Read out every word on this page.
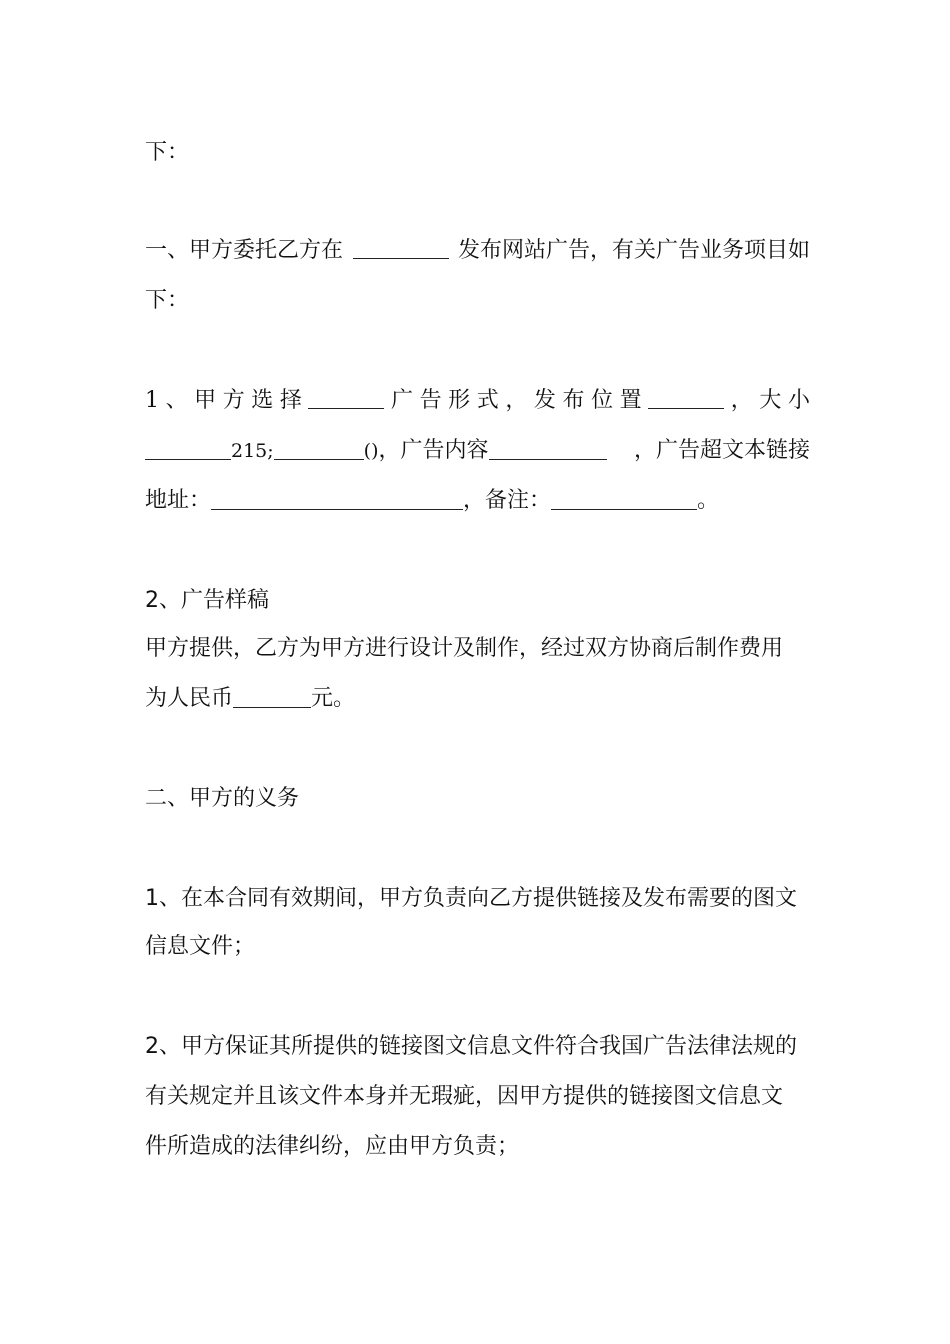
下：

一、甲方委托乙方在	发布网站广告，有关广告业务项目如

下：

1 、 甲 方 选 择	广 告 形 式 ， 发 布 位 置	， 大 小

215;	()，广告内容	，广告超文本链接

地址：	，备注：	。

2、广告样稿

甲方提供，乙方为甲方进行设计及制作，经过双方协商后制作费用

为人民币	元。

二、甲方的义务

1、在本合同有效期间，甲方负责向乙方提供链接及发布需要的图文

信息文件；

2、甲方保证其所提供的链接图文信息文件符合我国广告法律法规的

有关规定并且该文件本身并无瑕疵，因甲方提供的链接图文信息文

件所造成的法律纠纷，应由甲方负责；
